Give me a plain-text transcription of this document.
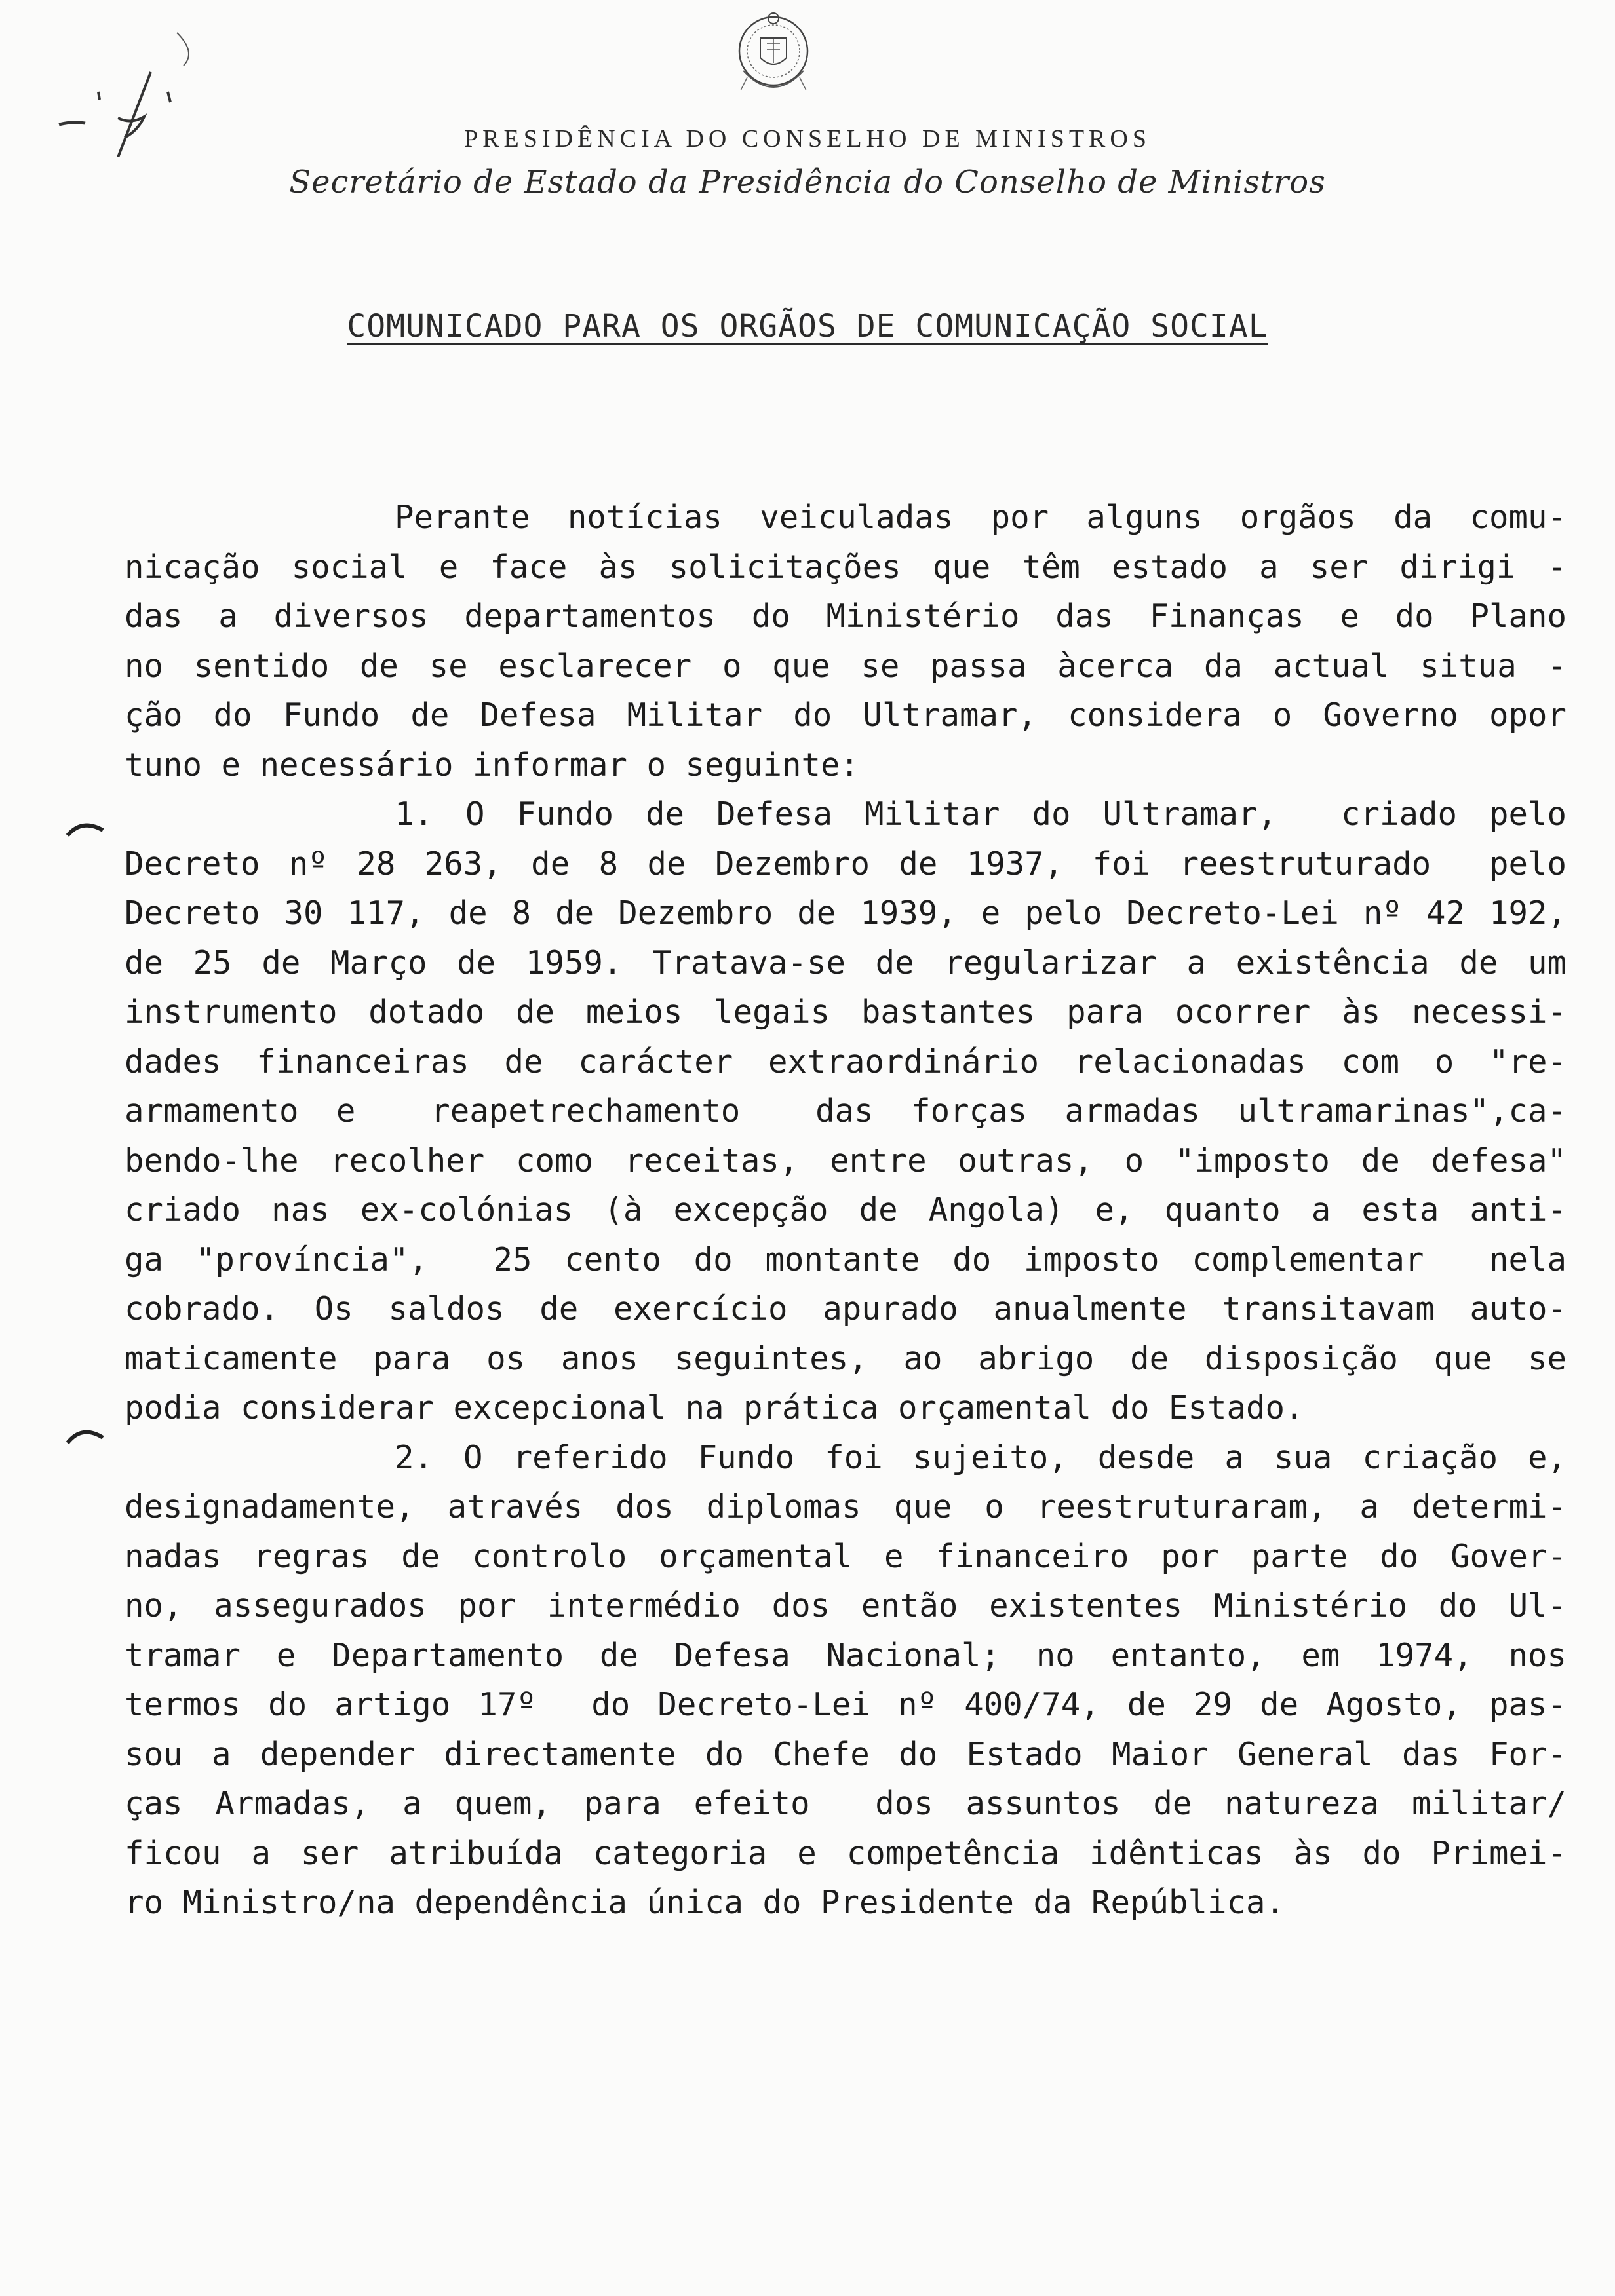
PRESIDÊNCIA DO CONSELHO DE MINISTROS
Secretário de Estado da Presidência do Conselho de Ministros
COMUNICADO PARA OS ORGÃOS DE COMUNICAÇÃO SOCIAL
Perante notícias veiculadas por alguns orgãos da comu-
nicação social e face às solicitações que têm estado a ser dirigi -
das a diversos departamentos do Ministério das Finanças e do Plano
no sentido de se esclarecer o que se passa àcerca da actual situa -
ção do Fundo de Defesa Militar do Ultramar, considera o Governo opor
tuno e necessário informar o seguinte:
1. O Fundo de Defesa Militar do Ultramar,  criado pelo
Decreto nº 28 263, de 8 de Dezembro de 1937, foi reestruturado  pelo
Decreto 30 117, de 8 de Dezembro de 1939, e pelo Decreto-Lei nº 42 192,
de 25 de Março de 1959. Tratava-se de regularizar a existência de um
instrumento dotado de meios legais bastantes para ocorrer às necessi-
dades financeiras de carácter extraordinário relacionadas com o "re-
armamento e  reapetrechamento  das forças armadas ultramarinas",ca-
bendo-lhe recolher como receitas, entre outras, o "imposto de defesa"
criado nas ex-colónias (à excepção de Angola) e, quanto a esta anti-
ga "província",  25 cento do montante do imposto complementar  nela
cobrado. Os saldos de exercício apurado anualmente transitavam auto-
maticamente para os anos seguintes, ao abrigo de disposição que se
podia considerar excepcional na prática orçamental do Estado.
2. O referido Fundo foi sujeito, desde a sua criação e,
designadamente, através dos diplomas que o reestruturaram, a determi-
nadas regras de controlo orçamental e financeiro por parte do Gover-
no, assegurados por intermédio dos então existentes Ministério do Ul-
tramar e Departamento de Defesa Nacional; no entanto, em 1974, nos
termos do artigo 17º  do Decreto-Lei nº 400/74, de 29 de Agosto, pas-
sou a depender directamente do Chefe do Estado Maior General das For-
ças Armadas, a quem, para efeito  dos assuntos de natureza militar/
ficou a ser atribuída categoria e competência idênticas às do Primei-
ro Ministro/na dependência única do Presidente da República.
